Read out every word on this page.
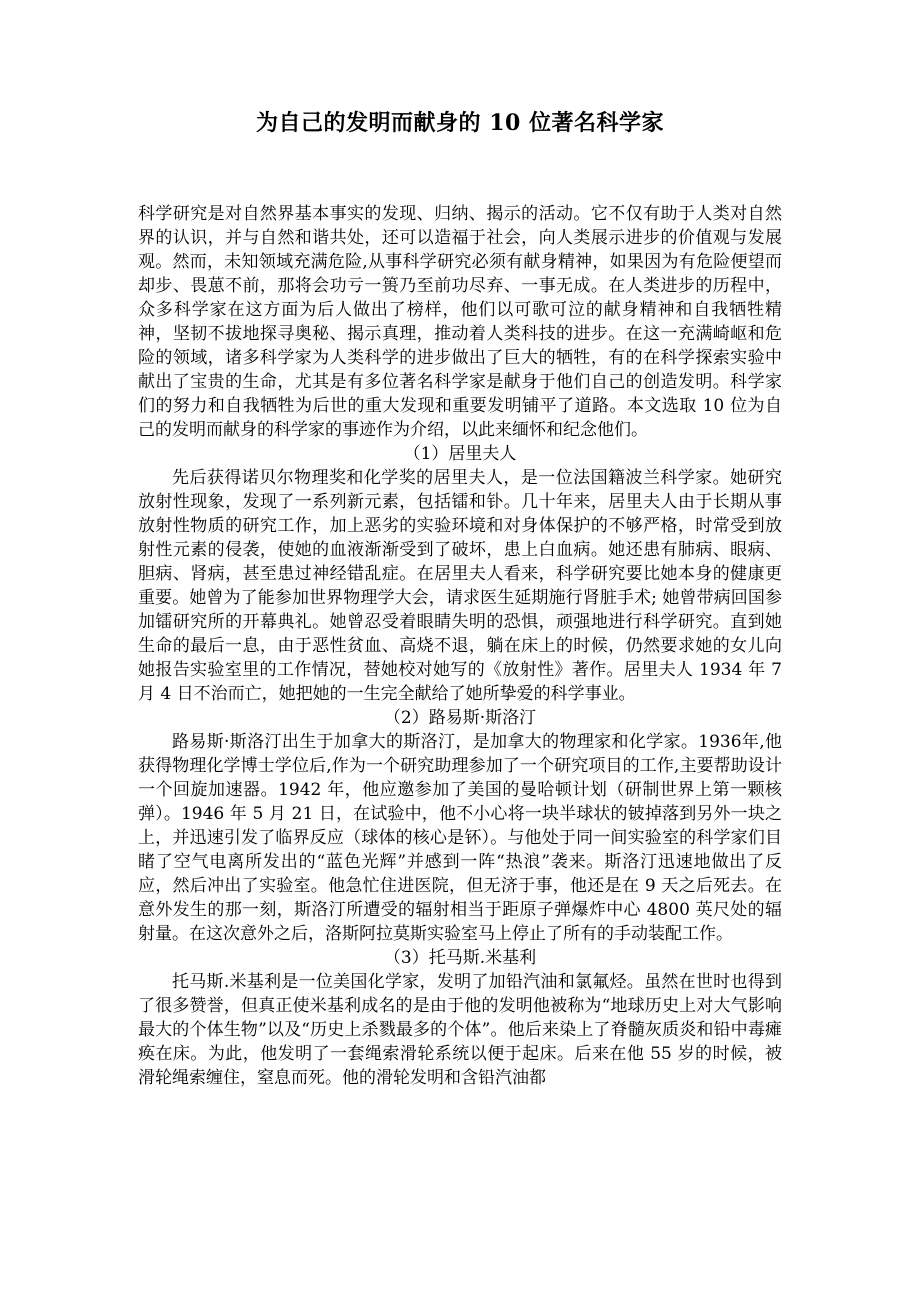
为自己的发明而献身的 10 位著名科学家

科学研究是对自然界基本事实的发现、归纳、揭示的活动。它不仅有助于人类对自然界的认识，并与自然和谐共处，还可以造福于社会，向人类展示进步的价值观与发展观。然而，未知领域充满危险,从事科学研究必须有献身精神，如果因为有危险便望而却步、畏葸不前，那将会功亏一篑乃至前功尽弃、一事无成。在人类进步的历程中，众多科学家在这方面为后人做出了榜样，他们以可歌可泣的献身精神和自我牺牲精神，坚韧不拔地探寻奥秘、揭示真理，推动着人类科技的进步。在这一充满崎岖和危险的领域，诸多科学家为人类科学的进步做出了巨大的牺牲，有的在科学探索实验中献出了宝贵的生命，尤其是有多位著名科学家是献身于他们自己的创造发明。科学家们的努力和自我牺牲为后世的重大发现和重要发明铺平了道路。本文选取 10 位为自己的发明而献身的科学家的事迹作为介绍，以此来缅怀和纪念他们。

（1）居里夫人

先后获得诺贝尔物理奖和化学奖的居里夫人，是一位法国籍波兰科学家。她研究放射性现象，发现了一系列新元素，包括镭和钋。几十年来，居里夫人由于长期从事放射性物质的研究工作，加上恶劣的实验环境和对身体保护的不够严格，时常受到放射性元素的侵袭，使她的血液渐渐受到了破坏，患上白血病。她还患有肺病、眼病、胆病、肾病，甚至患过神经错乱症。在居里夫人看来，科学研究要比她本身的健康更重要。她曾为了能参加世界物理学大会，请求医生延期施行肾脏手术; 她曾带病回国参加镭研究所的开幕典礼。她曾忍受着眼睛失明的恐惧，顽强地进行科学研究。直到她生命的最后一息，由于恶性贫血、高烧不退，躺在床上的时候，仍然要求她的女儿向她报告实验室里的工作情况，替她校对她写的《放射性》著作。居里夫人 1934 年 7 月 4 日不治而亡，她把她的一生完全献给了她所挚爱的科学事业。

（2）路易斯·斯洛汀

路易斯·斯洛汀出生于加拿大的斯洛汀，是加拿大的物理家和化学家。1936年,他获得物理化学博士学位后,作为一个研究助理参加了一个研究项目的工作,主要帮助设计一个回旋加速器。1942 年，他应邀参加了美国的曼哈顿计划（研制世界上第一颗核弹）。1946 年 5 月 21 日，在试验中，他不小心将一块半球状的铍掉落到另外一块之上，并迅速引发了临界反应（球体的核心是钚）。与他处于同一间实验室的科学家们目睹了空气电离所发出的“蓝色光辉”并感到一阵“热浪”袭来。斯洛汀迅速地做出了反应，然后冲出了实验室。他急忙住进医院，但无济于事，他还是在 9 天之后死去。在意外发生的那一刻，斯洛汀所遭受的辐射相当于距原子弹爆炸中心 4800 英尺处的辐射量。在这次意外之后，洛斯阿拉莫斯实验室马上停止了所有的手动装配工作。

（3）托马斯.米基利

托马斯.米基利是一位美国化学家，发明了加铅汽油和氯氟烃。虽然在世时也得到了很多赞誉，但真正使米基利成名的是由于他的发明他被称为“地球历史上对大气影响最大的个体生物”以及“历史上杀戮最多的个体”。他后来染上了脊髓灰质炎和铅中毒瘫痪在床。为此，他发明了一套绳索滑轮系统以便于起床。后来在他 55 岁的时候，被滑轮绳索缠住，窒息而死。他的滑轮发明和含铅汽油都
